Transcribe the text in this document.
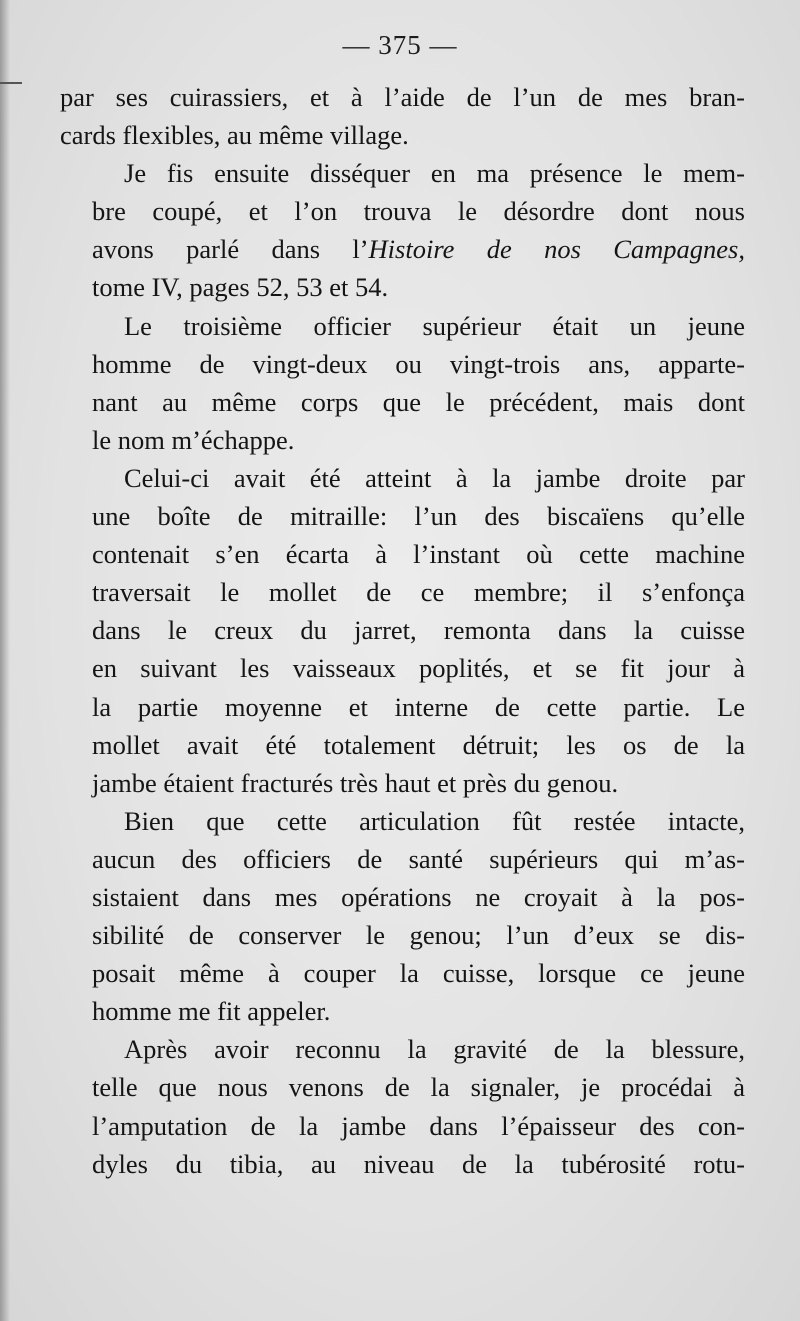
— 375 —

par ses cuirassiers, et à l’aide de l’un de mes bran-
cards flexibles, au même village.

Je fis ensuite disséquer en ma présence le mem-
bre coupé, et l’on trouva le désordre dont nous
avons parlé dans l’Histoire de nos Campagnes,
tome IV, pages 52, 53 et 54.

Le troisième officier supérieur était un jeune
homme de vingt-deux ou vingt-trois ans, apparte-
nant au même corps que le précédent, mais dont
le nom m’échappe.

Celui-ci avait été atteint à la jambe droite par
une boîte de mitraille: l’un des biscaïens qu’elle
contenait s’en écarta à l’instant où cette machine
traversait le mollet de ce membre; il s’enfonça
dans le creux du jarret, remonta dans la cuisse
en suivant les vaisseaux poplités, et se fit jour à
la partie moyenne et interne de cette partie. Le
mollet avait été totalement détruit; les os de la
jambe étaient fracturés très haut et près du genou.

Bien que cette articulation fût restée intacte,
aucun des officiers de santé supérieurs qui m’as-
sistaient dans mes opérations ne croyait à la pos-
sibilité de conserver le genou; l’un d’eux se dis-
posait même à couper la cuisse, lorsque ce jeune
homme me fit appeler.

Après avoir reconnu la gravité de la blessure,
telle que nous venons de la signaler, je procédai à
l’amputation de la jambe dans l’épaisseur des con-
dyles du tibia, au niveau de la tubérosité rotu-
